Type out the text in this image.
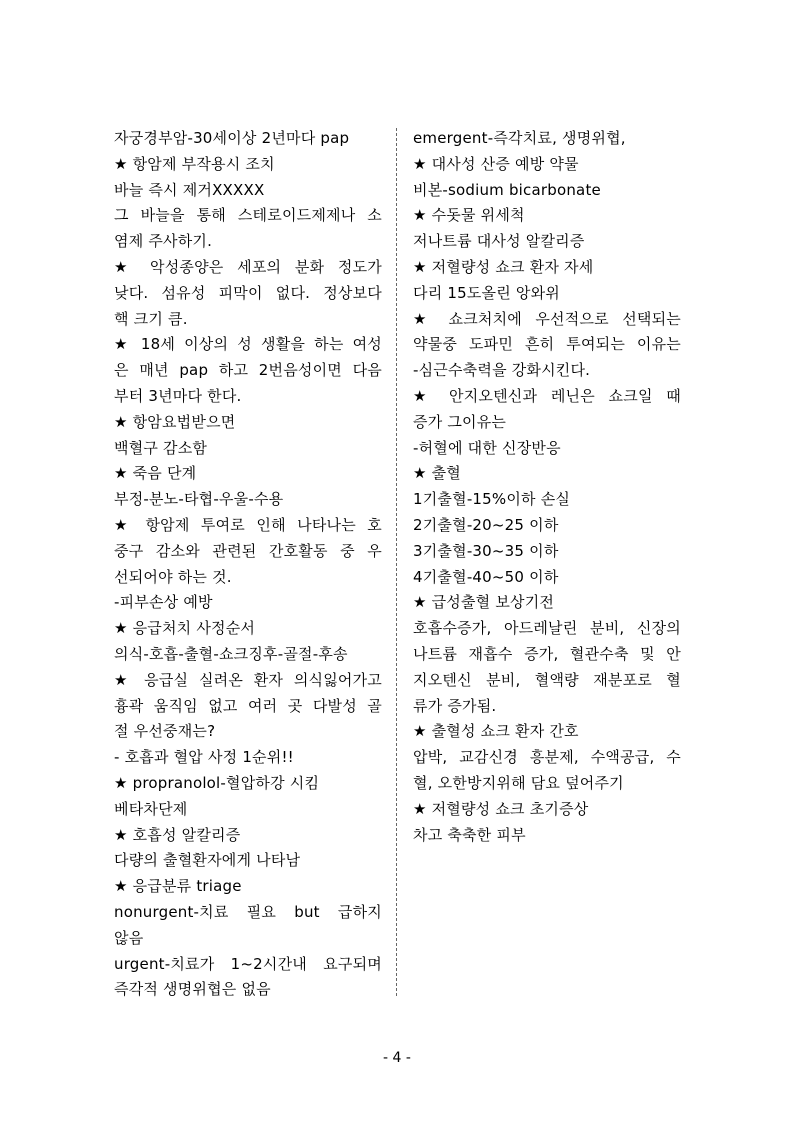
자궁경부암-30세이상 2년마다 pap
★ 항암제 부작용시 조치
바늘 즉시 제거XXXXX
그 바늘을 통해 스테로이드제제나 소
염제 주사하기.
★ 악성종양은 세포의 분화 정도가
낮다. 섬유성 피막이 없다. 정상보다
핵 크기 큼.
★ 18세 이상의 성 생활을 하는 여성
은 매년 pap 하고 2번음성이면 다음
부터 3년마다 한다.
★ 항암요법받으면
백혈구 감소함
★ 죽음 단계
부정-분노-타협-우울-수용
★ 항암제 투여로 인해 나타나는 호
중구 감소와 관련된 간호활동 중 우
선되어야 하는 것.
-피부손상 예방
★ 응급처치 사정순서
의식-호흡-출혈-쇼크징후-골절-후송
★ 응급실 실려온 환자 의식잃어가고
흉곽 움직임 없고 여러 곳 다발성 골
절 우선중재는?
- 호흡과 혈압 사정 1순위!!
★ propranolol-혈압하강 시킴
베타차단제
★ 호흡성 알칼리증
다량의 출혈환자에게 나타남
★ 응급분류 triage
nonurgent-치료 필요 but 급하지
않음
urgent-치료가 1~2시간내 요구되며
즉각적 생명위협은 없음
emergent-즉각치료, 생명위협,
★ 대사성 산증 예방 약물
비본-sodium bicarbonate
★ 수돗물 위세척
저나트륨 대사성 알칼리증
★ 저혈량성 쇼크 환자 자세
다리 15도올린 앙와위
★ 쇼크처치에 우선적으로 선택되는
약물중 도파민 흔히 투여되는 이유는
-심근수축력을 강화시킨다.
★ 안지오텐신과 레닌은 쇼크일 때
증가 그이유는
-허혈에 대한 신장반응
★ 출혈
1기출혈-15%이하 손실
2기출혈-20~25 이하
3기출혈-30~35 이하
4기출혈-40~50 이하
★ 급성출혈 보상기전
호흡수증가, 아드레날린 분비, 신장의
나트륨 재흡수 증가, 혈관수축 및 안
지오텐신 분비, 혈액량 재분포로 혈
류가 증가됨.
★ 출혈성 쇼크 환자 간호
압박, 교감신경 흥분제, 수액공급, 수
혈, 오한방지위해 담요 덮어주기
★ 저혈량성 쇼크 초기증상
차고 축축한 피부
- 4 -
